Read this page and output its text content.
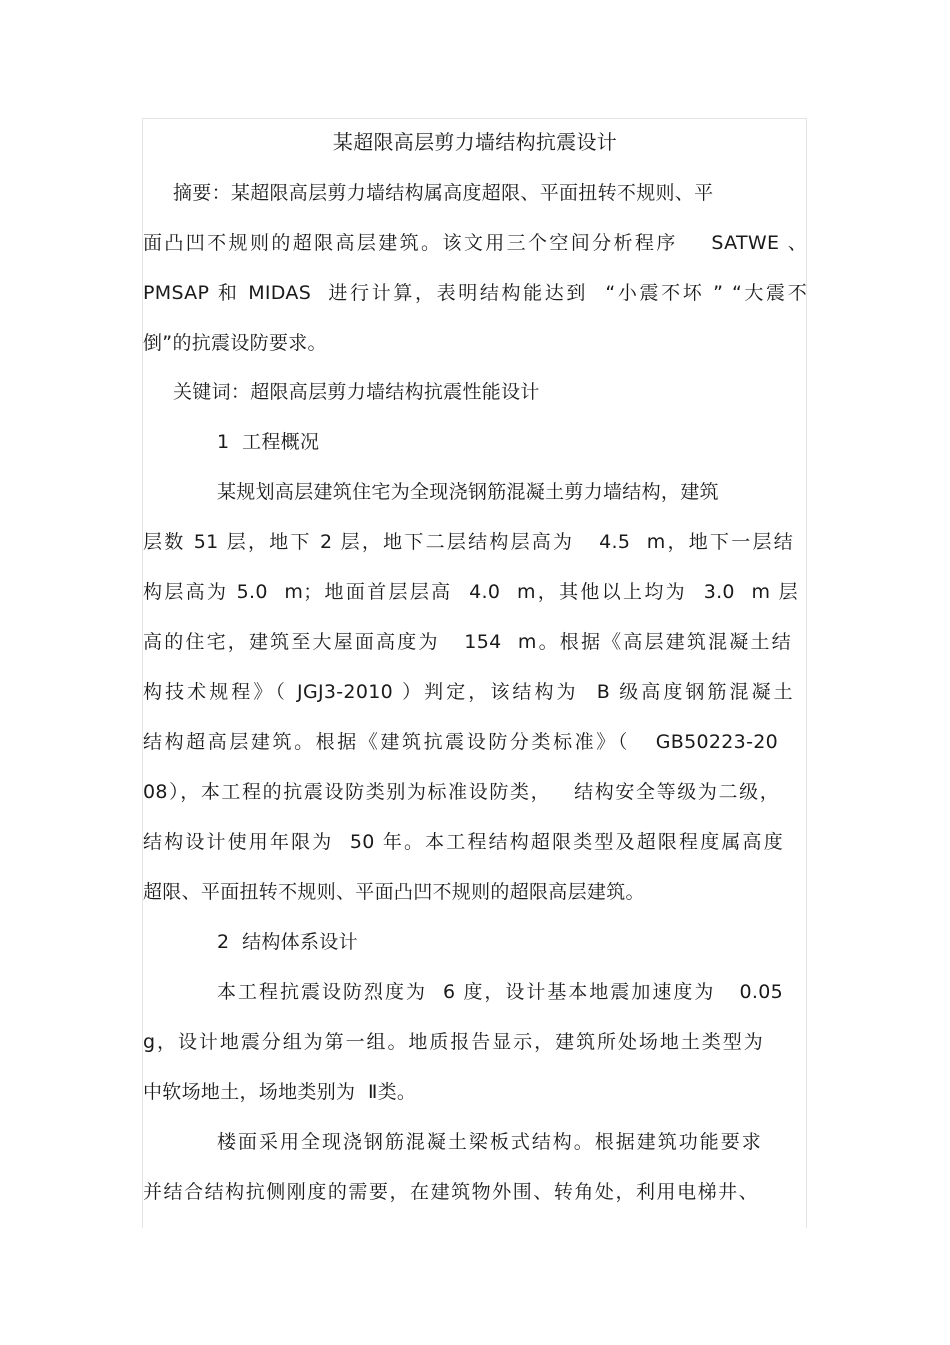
某超限高层剪力墙结构抗震设计
摘要：某超限高层剪力墙结构属高度超限、平面扭转不规则、平
面凸凹不规则的超限高层建筑。该文用三个空间分析程序    SATWE 、
PMSAP 和 MIDAS  进行计算，表明结构能达到  “小震不坏 ” “大震不
倒”的抗震设防要求。
关键词：超限高层剪力墙结构抗震性能设计
1  工程概况
某规划高层建筑住宅为全现浇钢筋混凝土剪力墙结构，建筑
层数 51 层，地下 2 层，地下二层结构层高为   4.5  m，地下一层结
构层高为 5.0  m；地面首层层高  4.0  m，其他以上均为  3.0  m 层
高的住宅，建筑至大屋面高度为   154  m。根据《高层建筑混凝土结
构技术规程》（ JGJ3-2010 ）判定，该结构为  B 级高度钢筋混凝土
结构超高层建筑。根据《建筑抗震设防分类标准》（   GB50223-20
08），本工程的抗震设防类别为标准设防类，   结构安全等级为二级，
结构设计使用年限为  50 年。本工程结构超限类型及超限程度属高度
超限、平面扭转不规则、平面凸凹不规则的超限高层建筑。
2  结构体系设计
本工程抗震设防烈度为  6 度，设计基本地震加速度为   0.05
g，设计地震分组为第一组。地质报告显示，建筑所处场地土类型为
中软场地土，场地类别为  Ⅱ类。
楼面采用全现浇钢筋混凝土梁板式结构。根据建筑功能要求
并结合结构抗侧刚度的需要，在建筑物外围、转角处，利用电梯井、
